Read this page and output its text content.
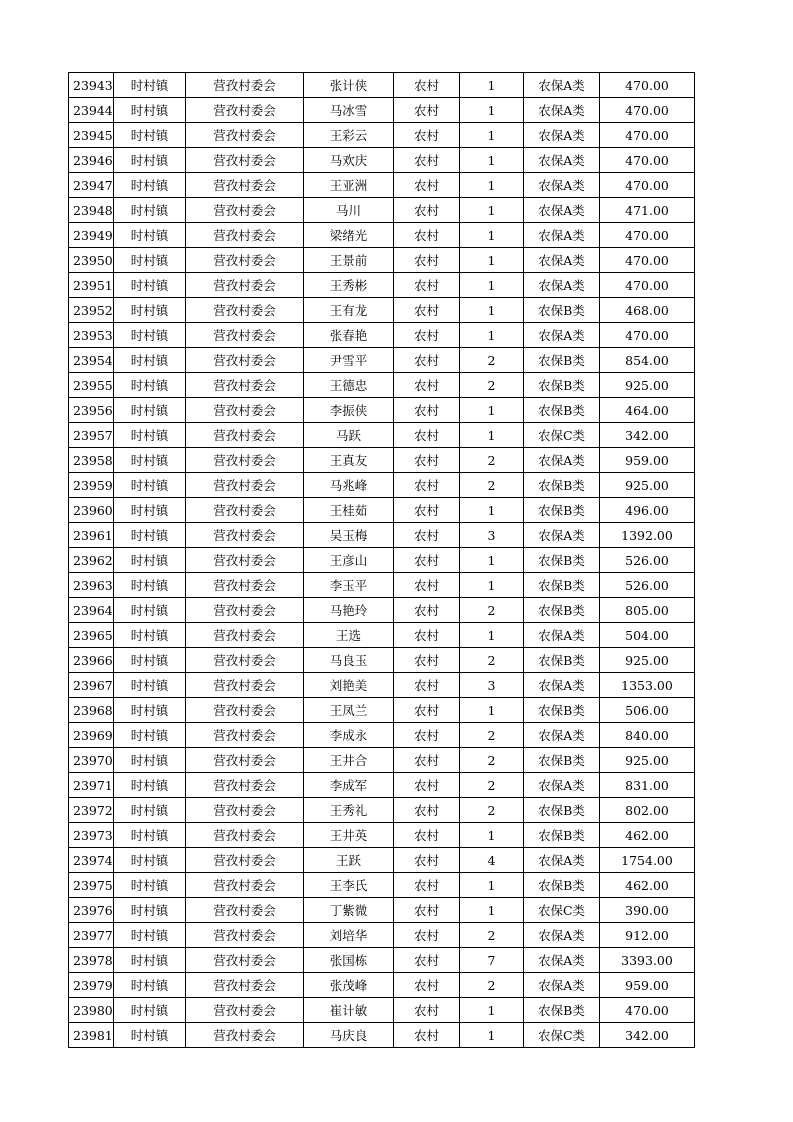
23943	时村镇	营孜村委会	张计侠	农村	1	农保A类	470.00
23944	时村镇	营孜村委会	马冰雪	农村	1	农保A类	470.00
23945	时村镇	营孜村委会	王彩云	农村	1	农保A类	470.00
23946	时村镇	营孜村委会	马欢庆	农村	1	农保A类	470.00
23947	时村镇	营孜村委会	王亚洲	农村	1	农保A类	470.00
23948	时村镇	营孜村委会	马川	农村	1	农保A类	471.00
23949	时村镇	营孜村委会	梁绪光	农村	1	农保A类	470.00
23950	时村镇	营孜村委会	王景前	农村	1	农保A类	470.00
23951	时村镇	营孜村委会	王秀彬	农村	1	农保A类	470.00
23952	时村镇	营孜村委会	王有龙	农村	1	农保B类	468.00
23953	时村镇	营孜村委会	张春艳	农村	1	农保A类	470.00
23954	时村镇	营孜村委会	尹雪平	农村	2	农保B类	854.00
23955	时村镇	营孜村委会	王德忠	农村	2	农保B类	925.00
23956	时村镇	营孜村委会	李振侠	农村	1	农保B类	464.00
23957	时村镇	营孜村委会	马跃	农村	1	农保C类	342.00
23958	时村镇	营孜村委会	王真友	农村	2	农保A类	959.00
23959	时村镇	营孜村委会	马兆峰	农村	2	农保B类	925.00
23960	时村镇	营孜村委会	王桂茹	农村	1	农保B类	496.00
23961	时村镇	营孜村委会	吴玉梅	农村	3	农保A类	1392.00
23962	时村镇	营孜村委会	王彦山	农村	1	农保B类	526.00
23963	时村镇	营孜村委会	李玉平	农村	1	农保B类	526.00
23964	时村镇	营孜村委会	马艳玲	农村	2	农保B类	805.00
23965	时村镇	营孜村委会	王选	农村	1	农保A类	504.00
23966	时村镇	营孜村委会	马良玉	农村	2	农保B类	925.00
23967	时村镇	营孜村委会	刘艳美	农村	3	农保A类	1353.00
23968	时村镇	营孜村委会	王凤兰	农村	1	农保B类	506.00
23969	时村镇	营孜村委会	李成永	农村	2	农保A类	840.00
23970	时村镇	营孜村委会	王井合	农村	2	农保B类	925.00
23971	时村镇	营孜村委会	李成军	农村	2	农保A类	831.00
23972	时村镇	营孜村委会	王秀礼	农村	2	农保B类	802.00
23973	时村镇	营孜村委会	王井英	农村	1	农保B类	462.00
23974	时村镇	营孜村委会	王跃	农村	4	农保A类	1754.00
23975	时村镇	营孜村委会	王李氏	农村	1	农保B类	462.00
23976	时村镇	营孜村委会	丁紫微	农村	1	农保C类	390.00
23977	时村镇	营孜村委会	刘培华	农村	2	农保A类	912.00
23978	时村镇	营孜村委会	张国栋	农村	7	农保A类	3393.00
23979	时村镇	营孜村委会	张茂峰	农村	2	农保A类	959.00
23980	时村镇	营孜村委会	崔计敏	农村	1	农保B类	470.00
23981	时村镇	营孜村委会	马庆良	农村	1	农保C类	342.00
